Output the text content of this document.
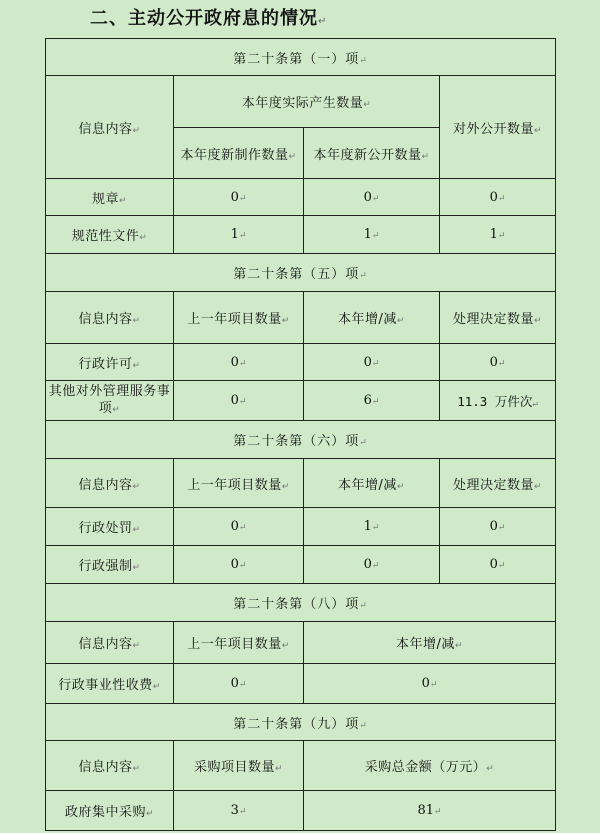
二、主动公开政府息的情况↵
第二十条第（一）项↵			
信息内容↵	本年度实际产生数量↵		对外公开数量↵
	本年度新制作数量↵	本年度新公开数量↵	
规章↵	0↵	0↵	0↵
规范性文件↵	1↵	1↵	1↵
第二十条第（五）项↵			
信息内容↵	上一年项目数量↵	本年增/减↵	处理决定数量↵
行政许可↵	0↵	0↵	0↵
其他对外管理服务事项↵	0↵	6↵	11.3 万件次↵
第二十条第（六）项↵			
信息内容↵	上一年项目数量↵	本年增/减↵	处理决定数量↵
行政处罚↵	0↵	1↵	0↵
行政强制↵	0↵	0↵	0↵
第二十条第（八）项↵			
信息内容↵	上一年项目数量↵	本年增/减↵	
行政事业性收费↵	0↵	0↵	
第二十条第（九）项↵			
信息内容↵	采购项目数量↵	采购总金额（万元）↵	
政府集中采购↵	3↵	81↵	
